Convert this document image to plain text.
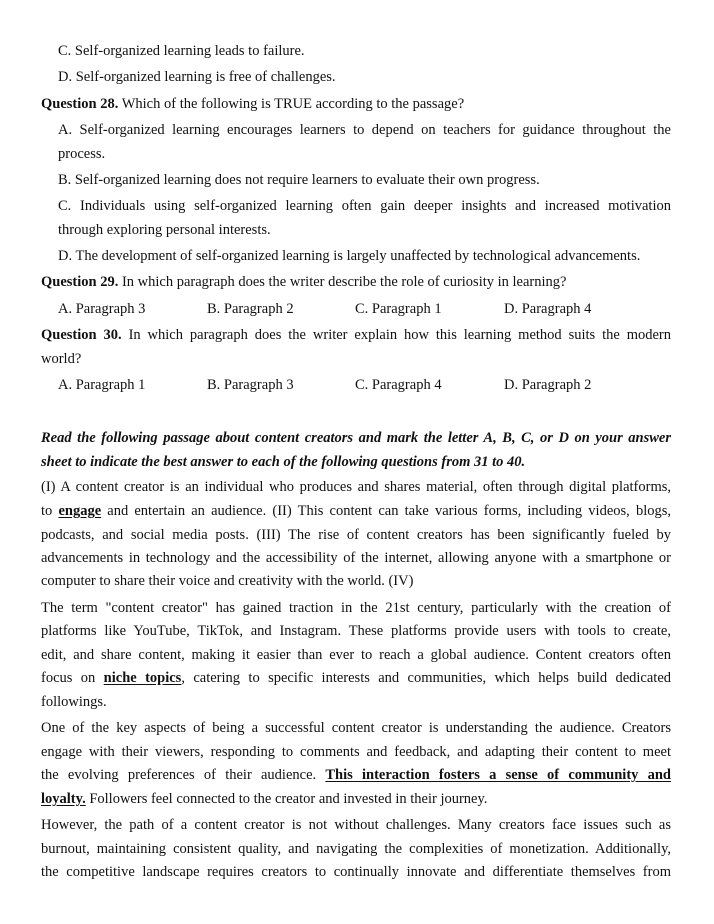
C. Self-organized learning leads to failure.
D. Self-organized learning is free of challenges.
Question 28. Which of the following is TRUE according to the passage?
A. Self-organized learning encourages learners to depend on teachers for guidance throughout the
process.
B. Self-organized learning does not require learners to evaluate their own progress.
C. Individuals using self-organized learning often gain deeper insights and increased motivation
through exploring personal interests.
D. The development of self-organized learning is largely unaffected by technological advancements.
Question 29. In which paragraph does the writer describe the role of curiosity in learning?
A. Paragraph 3	B. Paragraph 2	C. Paragraph 1	D. Paragraph 4
Question 30. In which paragraph does the writer explain how this learning method suits the modern
world?
A. Paragraph 1	B. Paragraph 3	C. Paragraph 4	D. Paragraph 2
Read the following passage about content creators and mark the letter A, B, C, or D on your answer
sheet to indicate the best answer to each of the following questions from 31 to 40.
(I) A content creator is an individual who produces and shares material, often through digital platforms,
to engage and entertain an audience. (II) This content can take various forms, including videos, blogs,
podcasts, and social media posts. (III) The rise of content creators has been significantly fueled by
advancements in technology and the accessibility of the internet, allowing anyone with a smartphone or
computer to share their voice and creativity with the world. (IV)
The term "content creator" has gained traction in the 21st century, particularly with the creation of
platforms like YouTube, TikTok, and Instagram. These platforms provide users with tools to create,
edit, and share content, making it easier than ever to reach a global audience. Content creators often
focus on niche topics, catering to specific interests and communities, which helps build dedicated
followings.
One of the key aspects of being a successful content creator is understanding the audience. Creators
engage with their viewers, responding to comments and feedback, and adapting their content to meet
the evolving preferences of their audience. This interaction fosters a sense of community and
loyalty. Followers feel connected to the creator and invested in their journey.
However, the path of a content creator is not without challenges. Many creators face issues such as
burnout, maintaining consistent quality, and navigating the complexities of monetization. Additionally,
the competitive landscape requires creators to continually innovate and differentiate themselves from
